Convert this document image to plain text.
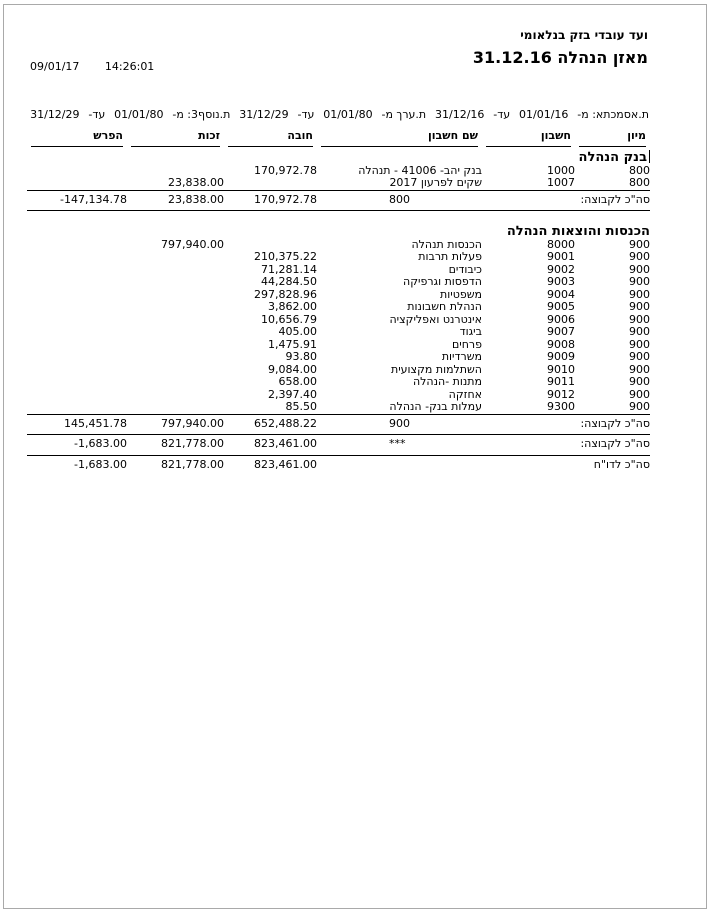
ועד עובדי בזק בנלאומי
מאזן הנהלה 31.12.16
09/01/17 14:26:01
ת.אסמכתא: מ-
01/01/16
עד-
31/12/16
ת.ערך מ-
01/01/80
עד-
31/12/29
ת.נוסף3: מ-
01/01/80
עד-
31/12/29
מיון	חשבון	שם חשבון	חובה	זכות	הפרש

בנק הנהלה					
800	1000	בנק יהב- 41006 - תנהלה	170,972.78		
800	1007	שקים לפרעון 2017		23,838.00	
סה"כ לקבוצה:		800	170,972.78	23,838.00	-147,134.78

הכנסות והוצאות הנהלה					
900	8000	הכנסות תנהלה		797,940.00	
900	9001	פעלות תרבות	210,375.22		
900	9002	כיבודים	71,281.14		
900	9003	הדפסות וגרפיקה	44,284.50		
900	9004	משפטיות	297,828.96		
900	9005	הנהלת חשבונות	3,862.00		
900	9006	אינטרנט ואפליקציה	10,656.79		
900	9007	ביגוד	405.00		
900	9008	פרחים	1,475.91		
900	9009	משרדיות	93.80		
900	9010	השתלמות מקצועית	9,084.00		
900	9011	מתנות -הנהלה	658.00		
900	9012	אחזקה	2,397.40		
900	9300	עמלות בנק- הנהלה	85.50		
סה"כ לקבוצה:		900	652,488.22	797,940.00	145,451.78
סה"כ לקבוצה:		***	823,461.00	821,778.00	-1,683.00
סה"כ לדו"ח			823,461.00	821,778.00	-1,683.00
